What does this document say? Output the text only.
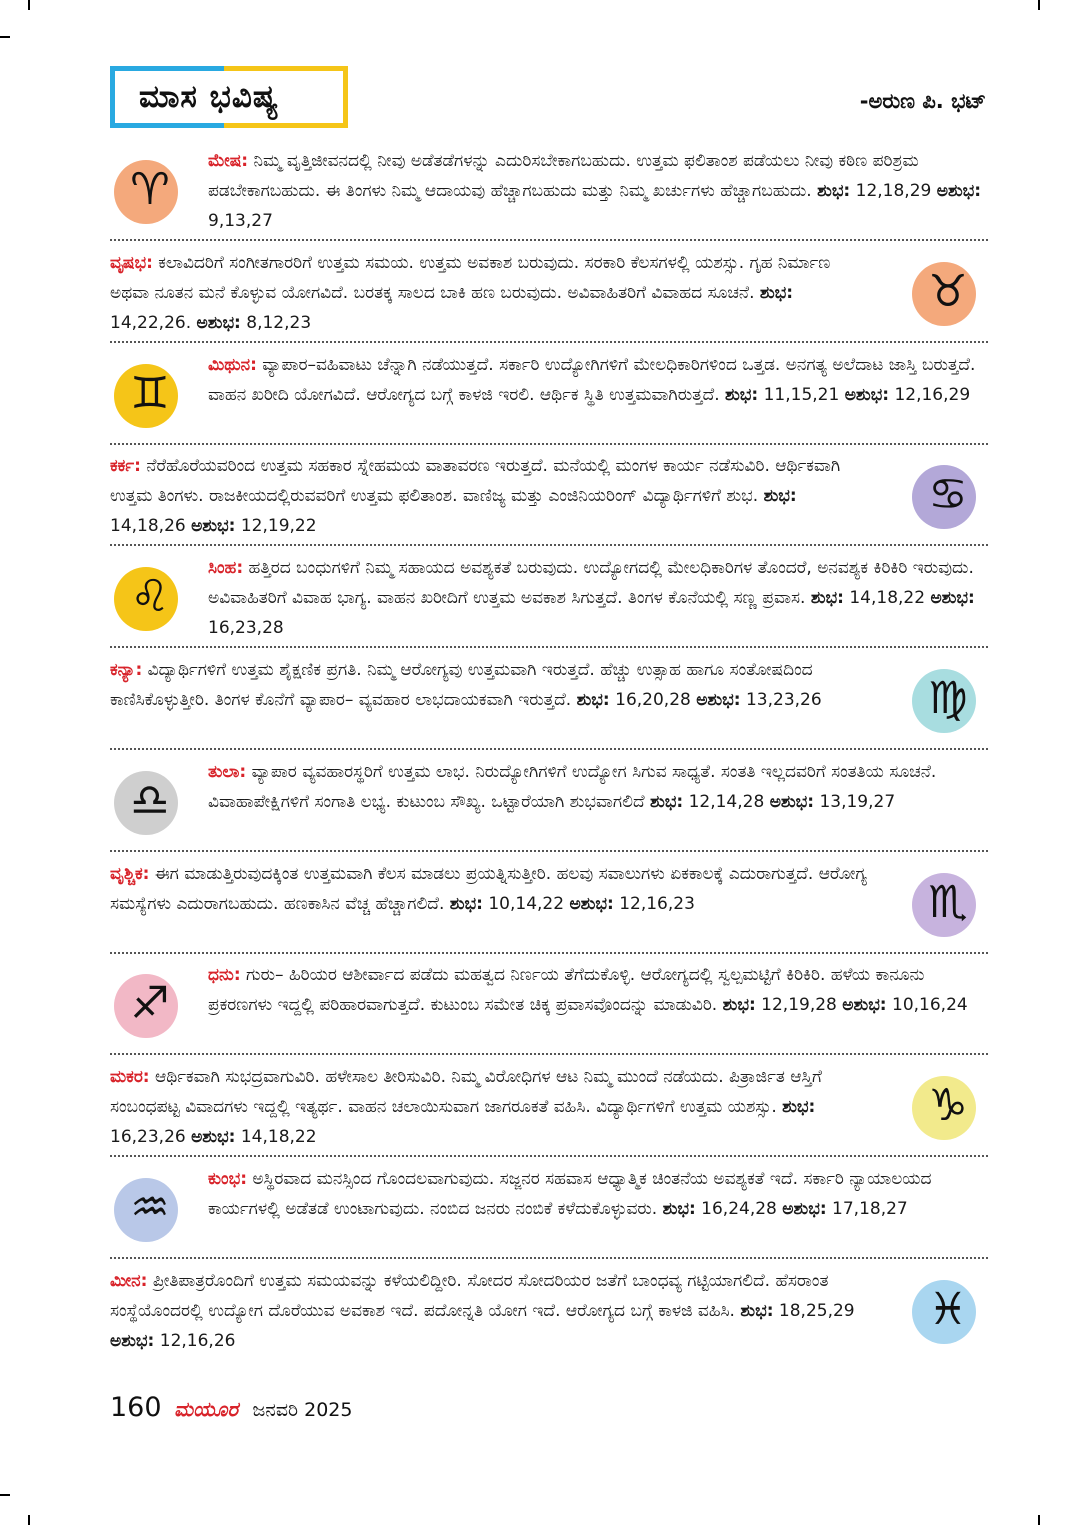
ಮಾಸ ಭವಿಷ್ಯ	-ಅರುಣ ಪಿ. ಭಟ್
♈
ಮೇಷ: ನಿಮ್ಮ ವೃತ್ತಿಜೀವನದಲ್ಲಿ ನೀವು ಅಡೆತಡೆಗಳನ್ನು ಎದುರಿಸಬೇಕಾಗಬಹುದು. ಉತ್ತಮ ಫಲಿತಾಂಶ ಪಡೆಯಲು ನೀವು ಕಠಿಣ ಪರಿಶ್ರಮ ಪಡಬೇಕಾಗಬಹುದು. ಈ ತಿಂಗಳು ನಿಮ್ಮ ಆದಾಯವು ಹೆಚ್ಚಾಗಬಹುದು ಮತ್ತು ನಿಮ್ಮ ಖರ್ಚುಗಳು ಹೆಚ್ಚಾಗಬಹುದು. ಶುಭ: 12,18,29 ಅಶುಭ: 9,13,27
♉
ವೃಷಭ: ಕಲಾವಿದರಿಗೆ ಸಂಗೀತಗಾರರಿಗೆ ಉತ್ತಮ ಸಮಯ. ಉತ್ತಮ ಅವಕಾಶ ಬರುವುದು. ಸರಕಾರಿ ಕೆಲಸಗಳಲ್ಲಿ ಯಶಸ್ಸು. ಗೃಹ ನಿರ್ಮಾಣ ಅಥವಾ ನೂತನ ಮನೆ ಕೊಳ್ಳುವ ಯೋಗವಿದೆ. ಬರತಕ್ಕ ಸಾಲದ ಬಾಕಿ ಹಣ ಬರುವುದು. ಅವಿವಾಹಿತರಿಗೆ ವಿವಾಹದ ಸೂಚನೆ. ಶುಭ: 14,22,26. ಅಶುಭ: 8,12,23
♊
ಮಿಥುನ: ವ್ಯಾಪಾರ–ವಹಿವಾಟು ಚೆನ್ನಾಗಿ ನಡೆಯುತ್ತದೆ. ಸರ್ಕಾರಿ ಉದ್ಯೋಗಿಗಳಿಗೆ ಮೇಲಧಿಕಾರಿಗಳಿಂದ ಒತ್ತಡ. ಅನಗತ್ಯ ಅಲೆದಾಟ ಜಾಸ್ತಿ ಬರುತ್ತದೆ. ವಾಹನ ಖರೀದಿ ಯೋಗವಿದೆ. ಆರೋಗ್ಯದ ಬಗ್ಗೆ ಕಾಳಜಿ ಇರಲಿ. ಆರ್ಥಿಕ ಸ್ಥಿತಿ ಉತ್ತಮವಾಗಿರುತ್ತದೆ. ಶುಭ: 11,15,21 ಅಶುಭ: 12,16,29
♋
ಕರ್ಕ: ನೆರೆಹೊರೆಯವರಿಂದ ಉತ್ತಮ ಸಹಕಾರ ಸ್ನೇಹಮಯ ವಾತಾವರಣ ಇರುತ್ತದೆ. ಮನೆಯಲ್ಲಿ ಮಂಗಳ ಕಾರ್ಯ ನಡೆಸುವಿರಿ. ಆರ್ಥಿಕವಾಗಿ ಉತ್ತಮ ತಿಂಗಳು. ರಾಜಕೀಯದಲ್ಲಿರುವವರಿಗೆ ಉತ್ತಮ ಫಲಿತಾಂಶ. ವಾಣಿಜ್ಯ ಮತ್ತು ಎಂಜಿನಿಯರಿಂಗ್ ವಿದ್ಯಾರ್ಥಿಗಳಿಗೆ ಶುಭ. ಶುಭ: 14,18,26 ಅಶುಭ: 12,19,22
♌
ಸಿಂಹ: ಹತ್ತಿರದ ಬಂಧುಗಳಿಗೆ ನಿಮ್ಮ ಸಹಾಯದ ಅವಶ್ಯಕತೆ ಬರುವುದು. ಉದ್ಯೋಗದಲ್ಲಿ ಮೇಲಧಿಕಾರಿಗಳ ತೊಂದರೆ, ಅನವಶ್ಯಕ ಕಿರಿಕಿರಿ ಇರುವುದು. ಅವಿವಾಹಿತರಿಗೆ ವಿವಾಹ ಭಾಗ್ಯ. ವಾಹನ ಖರೀದಿಗೆ ಉತ್ತಮ ಅವಕಾಶ ಸಿಗುತ್ತದೆ. ತಿಂಗಳ ಕೊನೆಯಲ್ಲಿ ಸಣ್ಣ ಪ್ರವಾಸ. ಶುಭ: 14,18,22 ಅಶುಭ: 16,23,28
♍
ಕನ್ಯಾ: ವಿದ್ಯಾರ್ಥಿಗಳಿಗೆ ಉತ್ತಮ ಶೈಕ್ಷಣಿಕ ಪ್ರಗತಿ. ನಿಮ್ಮ ಆರೋಗ್ಯವು ಉತ್ತಮವಾಗಿ ಇರುತ್ತದೆ. ಹೆಚ್ಚು ಉತ್ಸಾಹ ಹಾಗೂ ಸಂತೋಷದಿಂದ ಕಾಣಿಸಿಕೊಳ್ಳುತ್ತೀರಿ. ತಿಂಗಳ ಕೊನೆಗೆ ವ್ಯಾಪಾರ– ವ್ಯವಹಾರ ಲಾಭದಾಯಕವಾಗಿ ಇರುತ್ತದೆ. ಶುಭ: 16,20,28 ಅಶುಭ: 13,23,26
♎
ತುಲಾ: ವ್ಯಾಪಾರ ವ್ಯವಹಾರಸ್ಥರಿಗೆ ಉತ್ತಮ ಲಾಭ. ನಿರುದ್ಯೋಗಿಗಳಿಗೆ ಉದ್ಯೋಗ ಸಿಗುವ ಸಾಧ್ಯತೆ. ಸಂತತಿ ಇಲ್ಲದವರಿಗೆ ಸಂತತಿಯ ಸೂಚನೆ. ವಿವಾಹಾಪೇಕ್ಷಿಗಳಿಗೆ ಸಂಗಾತಿ ಲಭ್ಯ. ಕುಟುಂಬ ಸೌಖ್ಯ. ಒಟ್ಟಾರೆಯಾಗಿ ಶುಭವಾಗಲಿದೆ ಶುಭ: 12,14,28 ಅಶುಭ: 13,19,27
♏
ವೃಶ್ಚಿಕ: ಈಗ ಮಾಡುತ್ತಿರುವುದಕ್ಕಿಂತ ಉತ್ತಮವಾಗಿ ಕೆಲಸ ಮಾಡಲು ಪ್ರಯತ್ನಿಸುತ್ತೀರಿ. ಹಲವು ಸವಾಲುಗಳು ಏಕಕಾಲಕ್ಕೆ ಎದುರಾಗುತ್ತದೆ. ಆರೋಗ್ಯ ಸಮಸ್ಯೆಗಳು ಎದುರಾಗಬಹುದು. ಹಣಕಾಸಿನ ವೆಚ್ಚ ಹೆಚ್ಚಾಗಲಿದೆ. ಶುಭ: 10,14,22 ಅಶುಭ: 12,16,23
♐
ಧನು: ಗುರು– ಹಿರಿಯರ ಆಶೀರ್ವಾದ ಪಡೆದು ಮಹತ್ವದ ನಿರ್ಣಯ ತೆಗೆದುಕೊಳ್ಳಿ. ಆರೋಗ್ಯದಲ್ಲಿ ಸ್ವಲ್ಪಮಟ್ಟಿಗೆ ಕಿರಿಕಿರಿ. ಹಳೆಯ ಕಾನೂನು ಪ್ರಕರಣಗಳು ಇದ್ದಲ್ಲಿ ಪರಿಹಾರವಾಗುತ್ತದೆ. ಕುಟುಂಬ ಸಮೇತ ಚಿಕ್ಕ ಪ್ರವಾಸವೊಂದನ್ನು ಮಾಡುವಿರಿ. ಶುಭ: 12,19,28 ಅಶುಭ: 10,16,24
♑
ಮಕರ: ಆರ್ಥಿಕವಾಗಿ ಸುಭದ್ರವಾಗುವಿರಿ. ಹಳೇಸಾಲ ತೀರಿಸುವಿರಿ. ನಿಮ್ಮ ವಿರೋಧಿಗಳ ಆಟ ನಿಮ್ಮ ಮುಂದೆ ನಡೆಯದು. ಪಿತ್ರಾರ್ಜಿತ ಆಸ್ತಿಗೆ ಸಂಬಂಧಪಟ್ಟ ವಿವಾದಗಳು ಇದ್ದಲ್ಲಿ ಇತ್ಯರ್ಥ. ವಾಹನ ಚಲಾಯಿಸುವಾಗ ಜಾಗರೂಕತೆ ವಹಿಸಿ. ವಿದ್ಯಾರ್ಥಿಗಳಿಗೆ ಉತ್ತಮ ಯಶಸ್ಸು. ಶುಭ: 16,23,26 ಅಶುಭ: 14,18,22
♒
ಕುಂಭ: ಅಸ್ಥಿರವಾದ ಮನಸ್ಸಿಂದ ಗೊಂದಲವಾಗುವುದು. ಸಜ್ಜನರ ಸಹವಾಸ ಆಧ್ಯಾತ್ಮಿಕ ಚಿಂತನೆಯ ಅವಶ್ಯಕತೆ ಇದೆ. ಸರ್ಕಾರಿ ನ್ಯಾಯಾಲಯದ ಕಾರ್ಯಗಳಲ್ಲಿ ಅಡೆತಡೆ ಉಂಟಾಗುವುದು. ನಂಬಿದ ಜನರು ನಂಬಿಕೆ ಕಳೆದುಕೊಳ್ಳುವರು. ಶುಭ: 16,24,28 ಅಶುಭ: 17,18,27
♓
ಮೀನ: ಪ್ರೀತಿಪಾತ್ರರೊಂದಿಗೆ ಉತ್ತಮ ಸಮಯವನ್ನು ಕಳೆಯಲಿದ್ದೀರಿ. ಸೋದರ ಸೋದರಿಯರ ಜತೆಗೆ ಬಾಂಧವ್ಯ ಗಟ್ಟಿಯಾಗಲಿದೆ. ಹೆಸರಾಂತ ಸಂಸ್ಥೆಯೊಂದರಲ್ಲಿ ಉದ್ಯೋಗ ದೊರೆಯುವ ಅವಕಾಶ ಇದೆ. ಪದೋನ್ನತಿ ಯೋಗ ಇದೆ. ಆರೋಗ್ಯದ ಬಗ್ಗೆ ಕಾಳಜಿ ವಹಿಸಿ. ಶುಭ: 18,25,29 ಅಶುಭ: 12,16,26
160 ಮಯೂರ ಜನವರಿ 2025
